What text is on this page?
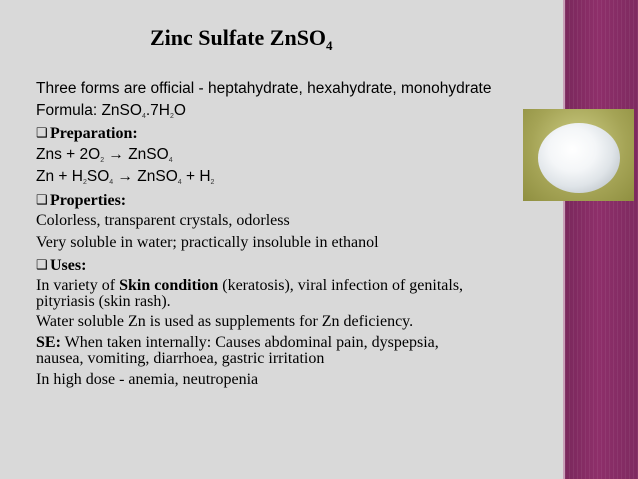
Zinc Sulfate ZnSO$_4$
Three forms are official - heptahydrate, hexahydrate, monohydrate
Formula: $ZnSO_4.7H_2O$
❑ Preparation:
Zns + $2O_2$ → ZnSO$_4$
$Zn + H_2SO_4$ → ZnSO$_4$ + $H_2$
❑ Properties:
Colorless, transparent crystals, odorless
Very soluble in water; practically insoluble in ethanol
❑ Uses:
In variety of Skin condition (keratosis), viral infection of genitals,
pityriasis (skin rash).
Water soluble Zn is used as supplements for Zn deficiency.
SE: When taken internally: Causes abdominal pain, dyspepsia,
nausea, vomiting, diarrhoea, gastric irritation
In high dose - anemia, neutropenia
